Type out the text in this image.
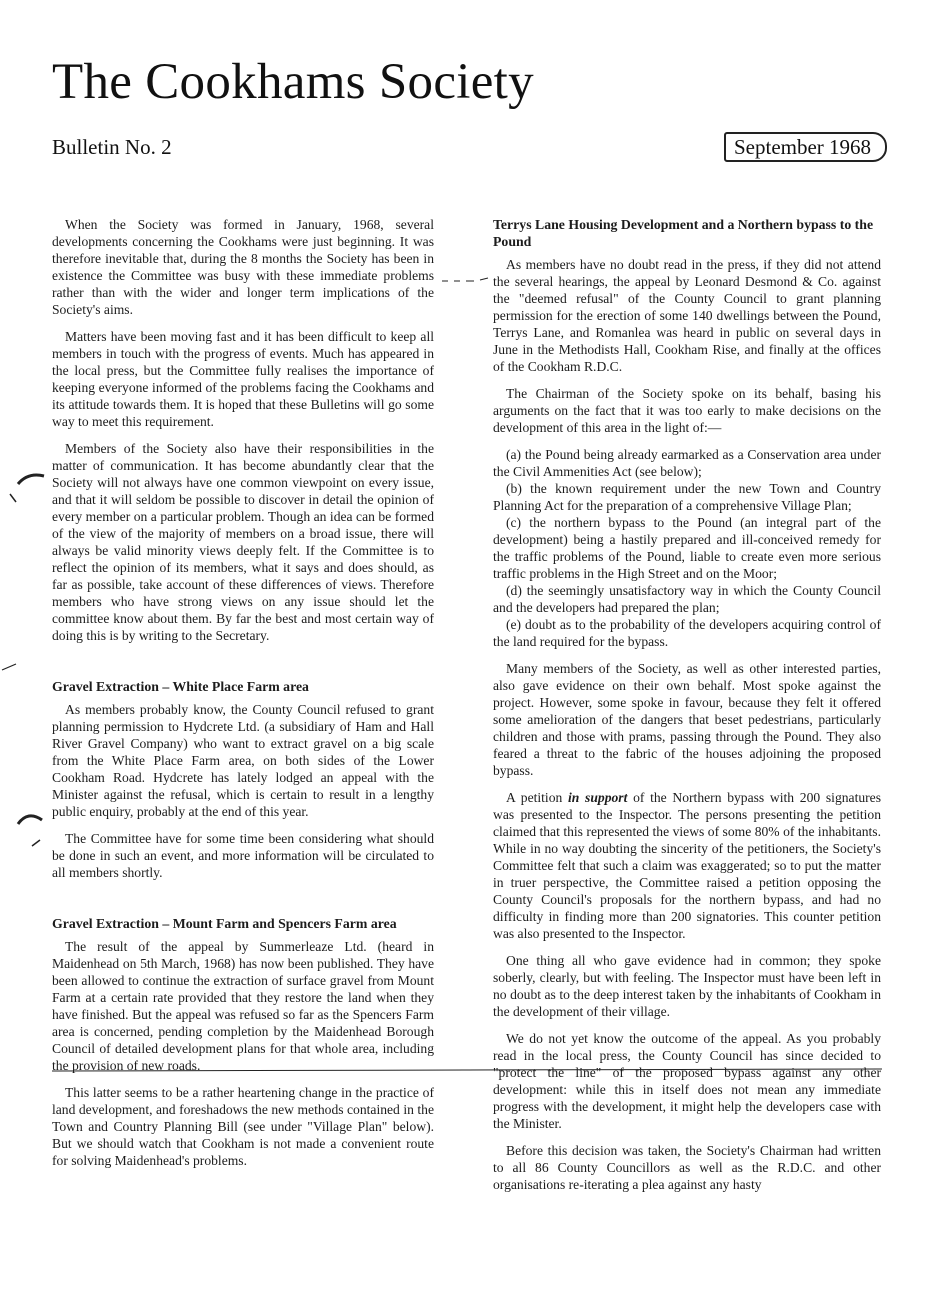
The Cookhams Society
Bulletin No. 2	September 1968

When the Society was formed in January, 1968, several developments concerning the Cookhams were just beginning. It was therefore inevitable that, during the 8 months the Society has been in existence the Committee was busy with these immediate problems rather than with the wider and longer term implications of the Society's aims.

Matters have been moving fast and it has been difficult to keep all members in touch with the progress of events. Much has appeared in the local press, but the Committee fully realises the importance of keeping everyone informed of the problems facing the Cookhams and its attitude towards them. It is hoped that these Bulletins will go some way to meet this requirement.

Members of the Society also have their responsibilities in the matter of communication. It has become abundantly clear that the Society will not always have one common viewpoint on every issue, and that it will seldom be possible to discover in detail the opinion of every member on a particular problem. Though an idea can be formed of the view of the majority of members on a broad issue, there will always be valid minority views deeply felt. If the Committee is to reflect the opinion of its members, what it says and does should, as far as possible, take account of these differences of views. Therefore members who have strong views on any issue should let the committee know about them. By far the best and most certain way of doing this is by writing to the Secretary.

Gravel Extraction – White Place Farm area

As members probably know, the County Council refused to grant planning permission to Hydcrete Ltd. (a subsidiary of Ham and Hall River Gravel Company) who want to extract gravel on a big scale from the White Place Farm area, on both sides of the Lower Cookham Road. Hydcrete has lately lodged an appeal with the Minister against the refusal, which is certain to result in a lengthy public enquiry, probably at the end of this year.

The Committee have for some time been considering what should be done in such an event, and more information will be circulated to all members shortly.

Gravel Extraction – Mount Farm and Spencers Farm area

The result of the appeal by Summerleaze Ltd. (heard in Maidenhead on 5th March, 1968) has now been published. They have been allowed to continue the extraction of surface gravel from Mount Farm at a certain rate provided that they restore the land when they have finished. But the appeal was refused so far as the Spencers Farm area is concerned, pending completion by the Maidenhead Borough Council of detailed development plans for that whole area, including the provision of new roads.

This latter seems to be a rather heartening change in the practice of land development, and foreshadows the new methods contained in the Town and Country Planning Bill (see under "Village Plan" below). But we should watch that Cookham is not made a convenient route for solving Maidenhead's problems.

Terrys Lane Housing Development and a Northern bypass to the Pound

As members have no doubt read in the press, if they did not attend the several hearings, the appeal by Leonard Desmond & Co. against the "deemed refusal" of the County Council to grant planning permission for the erection of some 140 dwellings between the Pound, Terrys Lane, and Romanlea was heard in public on several days in June in the Methodists Hall, Cookham Rise, and finally at the offices of the Cookham R.D.C.

The Chairman of the Society spoke on its behalf, basing his arguments on the fact that it was too early to make decisions on the development of this area in the light of:—

(a) the Pound being already earmarked as a Conservation area under the Civil Ammenities Act (see below);

(b) the known requirement under the new Town and Country Planning Act for the preparation of a comprehensive Village Plan;

(c) the northern bypass to the Pound (an integral part of the development) being a hastily prepared and ill-conceived remedy for the traffic problems of the Pound, liable to create even more serious traffic problems in the High Street and on the Moor;

(d) the seemingly unsatisfactory way in which the County Council and the developers had prepared the plan;

(e) doubt as to the probability of the developers acquiring control of the land required for the bypass.

Many members of the Society, as well as other interested parties, also gave evidence on their own behalf. Most spoke against the project. However, some spoke in favour, because they felt it offered some amelioration of the dangers that beset pedestrians, particularly children and those with prams, passing through the Pound. They also feared a threat to the fabric of the houses adjoining the proposed bypass.

A petition in support of the Northern bypass with 200 signatures was presented to the Inspector. The persons presenting the petition claimed that this represented the views of some 80% of the inhabitants. While in no way doubting the sincerity of the petitioners, the Society's Committee felt that such a claim was exaggerated; so to put the matter in truer perspective, the Committee raised a petition opposing the County Council's proposals for the northern bypass, and had no difficulty in finding more than 200 signatories. This counter petition was also presented to the Inspector.

One thing all who gave evidence had in common; they spoke soberly, clearly, but with feeling. The Inspector must have been left in no doubt as to the deep interest taken by the inhabitants of Cookham in the development of their village.

We do not yet know the outcome of the appeal. As you probably read in the local press, the County Council has since decided to "protect the line" of the proposed bypass against any other development: while this in itself does not mean any immediate progress with the development, it might help the developers case with the Minister.

Before this decision was taken, the Society's Chairman had written to all 86 County Councillors as well as the R.D.C. and other organisations re-iterating a plea against any hasty
